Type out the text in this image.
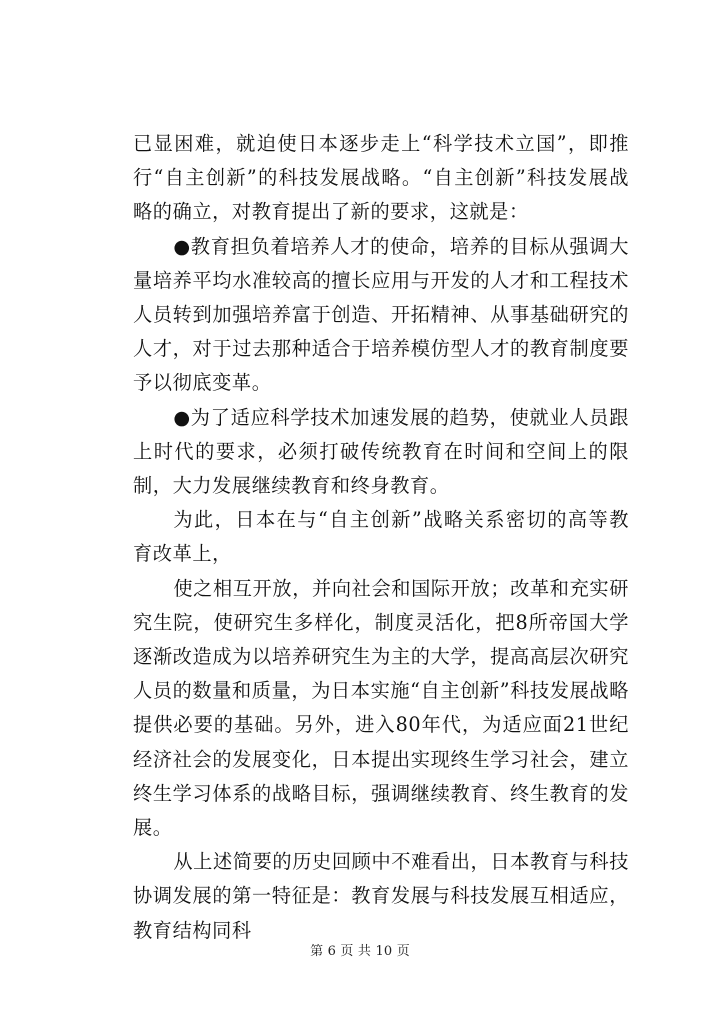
已显困难，就迫使日本逐步走上“科学技术立国”，即推行“自主创新”的科技发展战略。“自主创新”科技发展战略的确立，对教育提出了新的要求，这就是：

●教育担负着培养人才的使命，培养的目标从强调大量培养平均水准较高的擅长应用与开发的人才和工程技术人员转到加强培养富于创造、开拓精神、从事基础研究的人才，对于过去那种适合于培养模仿型人才的教育制度要予以彻底变革。

●为了适应科学技术加速发展的趋势，使就业人员跟上时代的要求，必须打破传统教育在时间和空间上的限制，大力发展继续教育和终身教育。

为此，日本在与“自主创新”战略关系密切的高等教育改革上，

使之相互开放，并向社会和国际开放；改革和充实研究生院，使研究生多样化，制度灵活化，把8所帝国大学逐渐改造成为以培养研究生为主的大学，提高高层次研究人员的数量和质量，为日本实施“自主创新”科技发展战略提供必要的基础。另外，进入80年代，为适应面21世纪经济社会的发展变化，日本提出实现终生学习社会，建立终生学习体系的战略目标，强调继续教育、终生教育的发展。

从上述简要的历史回顾中不难看出，日本教育与科技协调发展的第一特征是：教育发展与科技发展互相适应，教育结构同科

第 6 页 共 10 页
